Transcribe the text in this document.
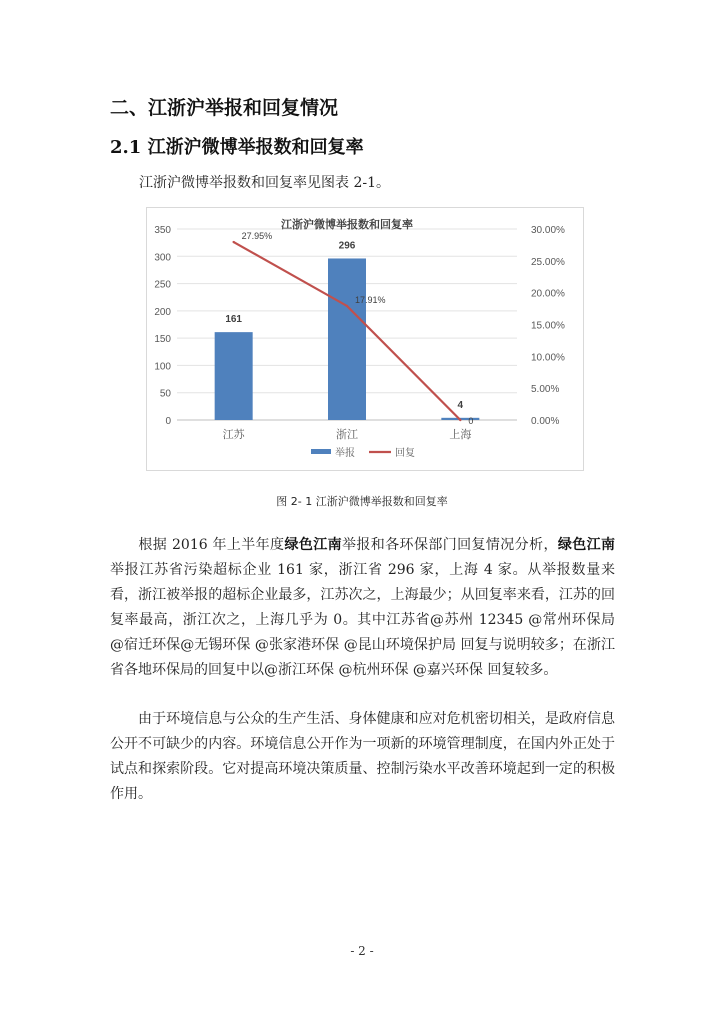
二、江浙沪举报和回复情况
2.1 江浙沪微博举报数和回复率
江浙沪微博举报数和回复率见图表 2-1。
0
50
100
150
200
250
300
350
0.00%
5.00%
10.00%
15.00%
20.00%
25.00%
30.00%
江浙沪微博举报数和回复率
江苏	浙江	上海
161
296
4
27.95%
17.91%
0
举报	回复
图 2- 1 江浙沪微博举报数和回复率
根据 2016 年上半年度绿色江南举报和各环保部门回复情况分析，绿色江南举报江苏省污染超标企业 161 家，浙江省 296 家，上海 4 家。从举报数量来看，浙江被举报的超标企业最多，江苏次之，上海最少；从回复率来看，江苏的回复率最高，浙江次之，上海几乎为 0。其中江苏省@苏州 12345 @常州环保局 @宿迁环保@无锡环保 @张家港环保 @昆山环境保护局 回复与说明较多；在浙江省各地环保局的回复中以@浙江环保 @杭州环保 @嘉兴环保 回复较多。
由于环境信息与公众的生产生活、身体健康和应对危机密切相关，是政府信息公开不可缺少的内容。环境信息公开作为一项新的环境管理制度，在国内外正处于试点和探索阶段。它对提高环境决策质量、控制污染水平改善环境起到一定的积极作用。
- 2 -
